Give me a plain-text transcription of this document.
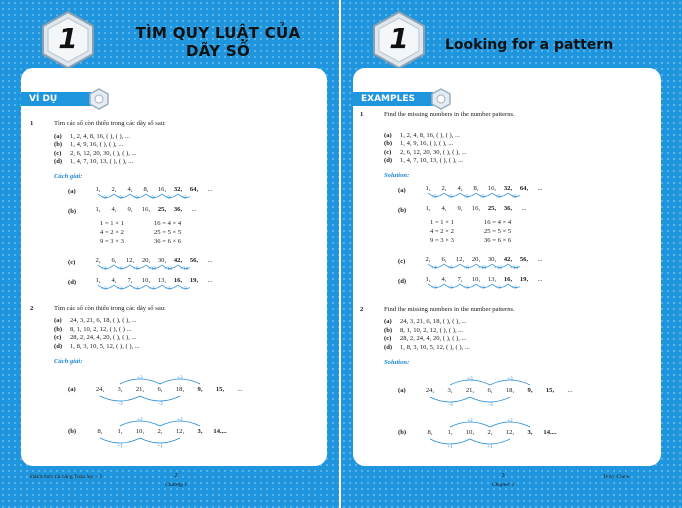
1	TÌM QUY LUẬT CỦA
DÃY SỐ
VÍ DỤ
1	Tìm các số còn thiếu trong các dãy số sau:
(a)	1, 2, 4, 8, 16, ( ), ( ), ...
(b)	1, 4, 9, 16, ( ), ( ), ...
(c)	2, 6, 12, 20, 30, ( ), ( ), ...
(d)	1, 4, 7, 10, 13, ( ), ( ), ...
Cách giải:
(a)	1, 2, 4, 8, 16, 32, 64, ...
×2 ×2 ×2 ×2 ×2 ×2
(b)	1, 4, 9, 16, 25, 36, ...
1 = 1 × 1	16 = 4 × 4
4 = 2 × 2	25 = 5 × 5
9 = 3 × 3	36 = 6 × 6
(c)	2, 6, 12, 20, 30, 42, 56, ...
+4 +6 +8 +10 +12 +14
(d)	1, 4, 7, 10, 13, 16, 19, ...
+3 +3 +3 +3 +3 +3
2	Tìm các số còn thiếu trong các dãy số sau:
(a)	24, 3, 21, 6, 18, ( ), ( ), ...
(b)	8, 1, 10, 2, 12, ( ), ( ) ...
(c)	28, 2, 24, 4, 20, ( ), ( ), ...
(d)	1, 8, 3, 10, 5, 12, ( ), ( ), ...
Cách giải:
(a)	24, 3, 21, 6, 18, 9, 15, ...
+3	+3
−3	−3
(b)	8, 1, 10, 2, 12, 3, 14....
+2	+2
+1	+1
Đánh thức tài năng Toán học - 2	2
Chương 1
1	Looking for a pattern
EXAMPLES
1	Find the missing numbers in the number patterns.
(a)	1, 2, 4, 8, 16, ( ), ( ), ...
(b)	1, 4, 9, 16, ( ), ( ), ...
(c)	2, 6, 12, 20, 30, ( ), ( ), ...
(d)	1, 4, 7, 10, 13, ( ), ( ), ...
Solution:
(a)	1, 2, 4, 8, 16, 32, 64, ...
×2 ×2 ×2 ×2 ×2 ×2
(b)	1, 4, 9, 16, 25, 36, ...
1 = 1 × 1	16 = 4 × 4
4 = 2 × 2	25 = 5 × 5
9 = 3 × 3	36 = 6 × 6
(c)	2, 6, 12, 20, 30, 42, 56, ...
+4 +6 +8 +10 +12 +14
(d)	1, 4, 7, 10, 13, 16, 19, ...
+3 +3 +3 +3 +3 +3
2	Find the missing numbers in the number patterns.
(a)	24, 3, 21, 6, 18, ( ), ( ), ...
(b)	8, 1, 10, 2, 12, ( ), ( ), ...
(c)	28, 2, 24, 4, 20, ( ), ( ), ...
(d)	1, 8, 3, 10, 5, 12, ( ), ( ), ...
Solution:
(a)	24, 3, 21, 6, 18, 9, 15, ...
+3	+3
−3	−3
(b)	8, 1, 10, 2, 12, 3, 14....
+2	+2
+1	+1
Terry Chew
3
Chapter 1
